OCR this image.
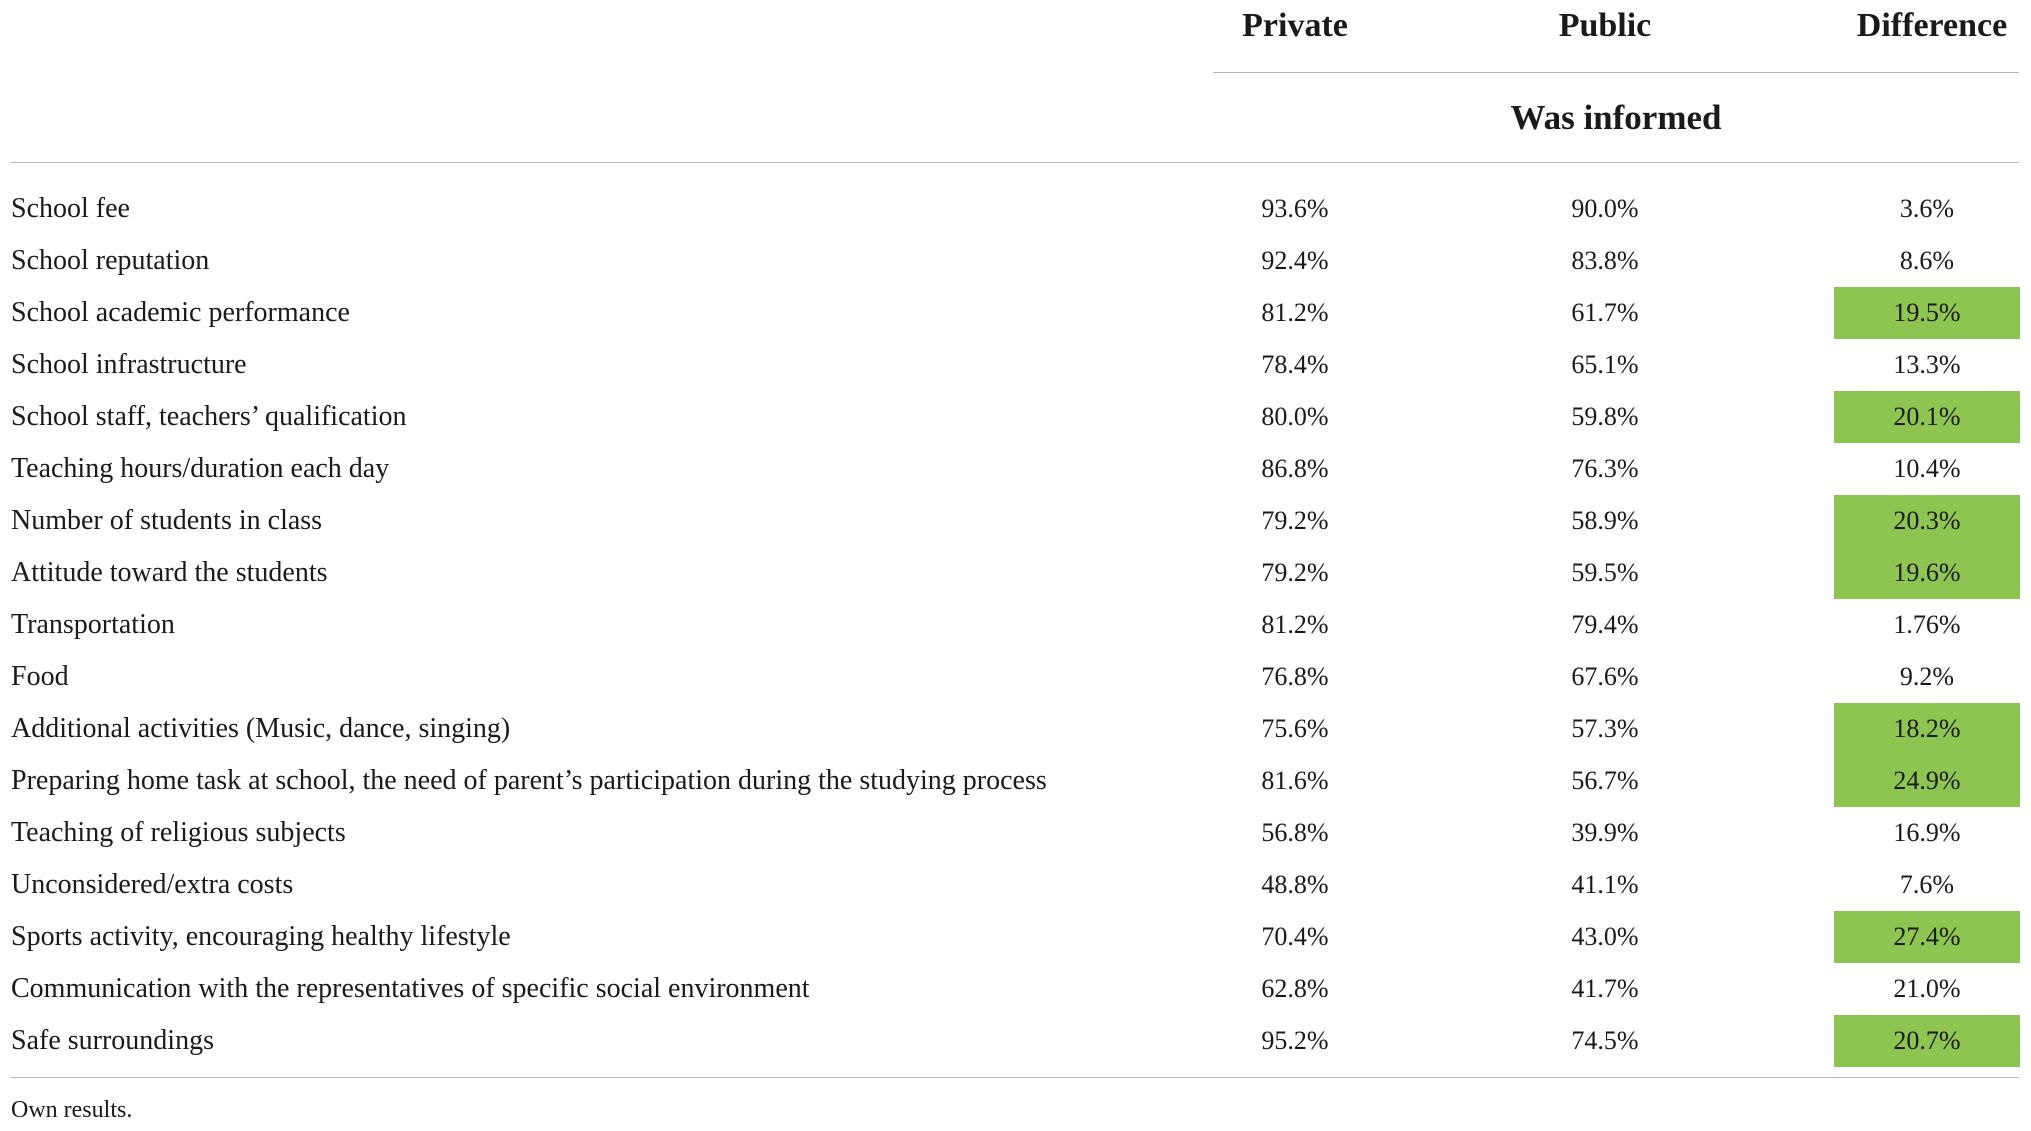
Private	Public	Difference
Was informed
School fee	93.6%	90.0%	3.6%
School reputation	92.4%	83.8%	8.6%
School academic performance	81.2%	61.7%	19.5%
School infrastructure	78.4%	65.1%	13.3%
School staff, teachers’ qualification	80.0%	59.8%	20.1%
Teaching hours/duration each day	86.8%	76.3%	10.4%
Number of students in class	79.2%	58.9%	20.3%
Attitude toward the students	79.2%	59.5%	19.6%
Transportation	81.2%	79.4%	1.76%
Food	76.8%	67.6%	9.2%
Additional activities (Music, dance, singing)	75.6%	57.3%	18.2%
Preparing home task at school, the need of parent’s participation during the studying process	81.6%	56.7%	24.9%
Teaching of religious subjects	56.8%	39.9%	16.9%
Unconsidered/extra costs	48.8%	41.1%	7.6%
Sports activity, encouraging healthy lifestyle	70.4%	43.0%	27.4%
Communication with the representatives of specific social environment	62.8%	41.7%	21.0%
Safe surroundings	95.2%	74.5%	20.7%
Own results.
